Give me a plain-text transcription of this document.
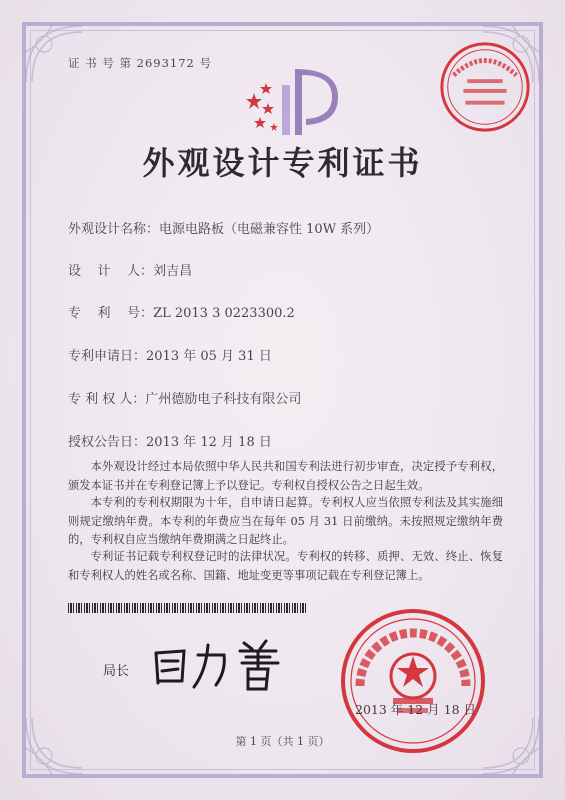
证 书 号 第 2693172 号
外观设计专利证书
外观设计名称：电源电路板（电磁兼容性 10W 系列）
设    计    人：刘吉昌
专    利    号：ZL 2013 3 0223300.2
专利申请日：2013 年 05 月 31 日
专 利 权 人：广州德励电子科技有限公司
授权公告日：2013 年 12 月 18 日
本外观设计经过本局依照中华人民共和国专利法进行初步审查，决定授予专利权，颁发本证书并在专利登记簿上予以登记。专利权自授权公告之日起生效。
本专利的专利权期限为十年，自申请日起算。专利权人应当依照专利法及其实施细则规定缴纳年费。本专利的年费应当在每年 05 月 31 日前缴纳。未按照规定缴纳年费的，专利权自应当缴纳年费期满之日起终止。
专利证书记载专利权登记时的法律状况。专利权的转移、质押、无效、终止、恢复和专利权人的姓名或名称、国籍、地址变更等事项记载在专利登记簿上。
局长
2013 年 12 月 18 日
第 1 页（共 1 页）
